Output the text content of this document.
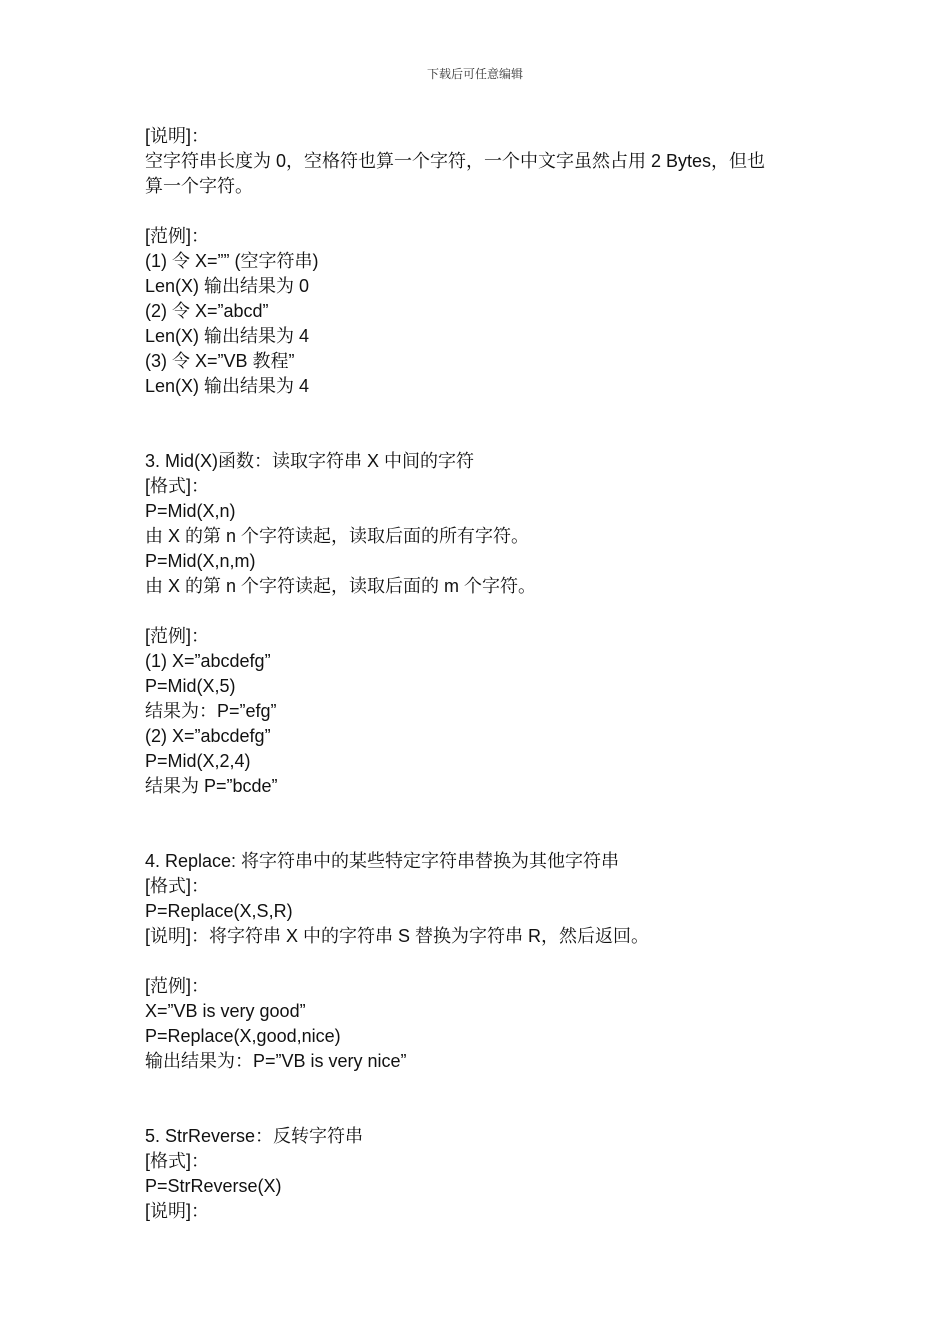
下载后可任意编辑
[说明]：
空字符串长度为 0，空格符也算一个字符，一个中文字虽然占用 2 Bytes，但也
算一个字符。
[范例]：
(1) 令 X=”” (空字符串)
Len(X) 输出结果为 0
(2) 令 X=”abcd”
Len(X) 输出结果为 4
(3) 令 X=”VB 教程”
Len(X) 输出结果为 4
3. Mid(X)函数：读取字符串 X 中间的字符
[格式]：
P=Mid(X,n)
由 X 的第 n 个字符读起，读取后面的所有字符。
P=Mid(X,n,m)
由 X 的第 n 个字符读起，读取后面的 m 个字符。
[范例]：
(1) X=”abcdefg”
P=Mid(X,5)
结果为：P=”efg”
(2) X=”abcdefg”
P=Mid(X,2,4)
结果为 P=”bcde”
4. Replace: 将字符串中的某些特定字符串替换为其他字符串
[格式]：
P=Replace(X,S,R)
[说明]：将字符串 X 中的字符串 S 替换为字符串 R，然后返回。
[范例]：
X=”VB is very good”
P=Replace(X,good,nice)
输出结果为：P=”VB is very nice”
5. StrReverse：反转字符串
[格式]：
P=StrReverse(X)
[说明]：
